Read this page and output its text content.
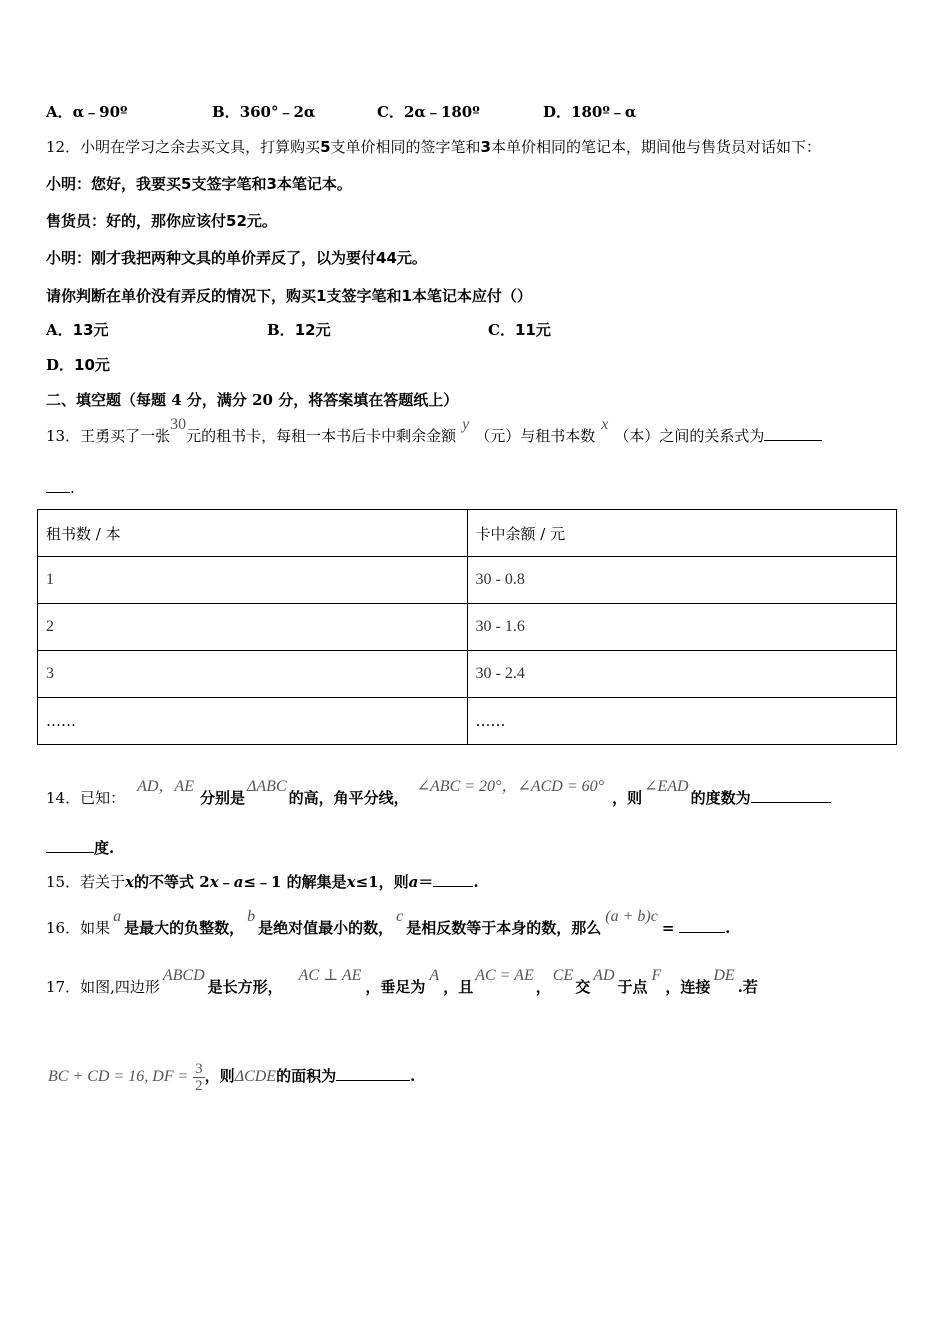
A．α﹣90º	B．360°﹣2α	C．2α﹣180º	D．180º﹣α
12．小明在学习之余去买文具，打算购买5支单价相同的签字笔和3本单价相同的笔记本，期间他与售货员对话如下：
小明：您好，我要买5支签字笔和3本笔记本。
售货员：好的，那你应该付52元。
小明：刚才我把两种文具的单价弄反了，以为要付44元。
请你判断在单价没有弄反的情况下，购买1支签字笔和1本笔记本应付（）
A．13元	B．12元	C．11元
D．10元
二、填空题（每题 4 分，满分 20 分，将答案填在答题纸上）
13．王勇买了一张30元的租书卡，每租一本书后卡中剩余金额y（元）与租书本数x（本）之间的关系式为
.
租书数 / 本	卡中余额 / 元
1	30 - 0.8
2	30 - 1.6
3	30 - 2.4
……	……
14．已知：AD，AE分别是ΔABC的高，角平分线，∠ABC = 20°，∠ACD = 60°，则∠EAD的度数为
度.
15．若关于x的不等式 2x﹣a≤﹣1 的解集是x≤1，则a＝	.
16．如果a是最大的负整数，b是绝对值最小的数，c是相反数等于本身的数，那么(a + b)c=	.
17．如图,四边形ABCD是长方形，AC ⊥ AE，垂足为A，且AC = AE，CE交AD于点F，连接DE.若
BC + CD = 16, DF = $\frac{3}{2}$ ，则ΔCDE的面积为	.
